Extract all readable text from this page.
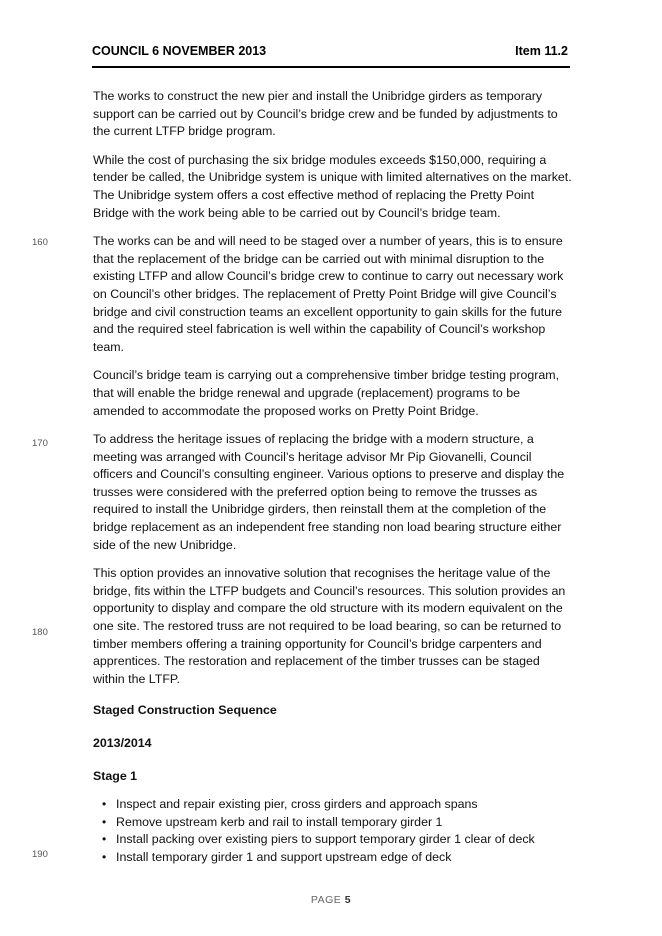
COUNCIL 6 NOVEMBER 2013	Item 11.2
160
170
180
190
The works to construct the new pier and install the Unibridge girders as temporary
support can be carried out by Council’s bridge crew and be funded by adjustments to
the current LTFP bridge program.
While the cost of purchasing the six bridge modules exceeds $150,000, requiring a
tender be called, the Unibridge system is unique with limited alternatives on the market.
The Unibridge system offers a cost effective method of replacing the Pretty Point
Bridge with the work being able to be carried out by Council’s bridge team.
The works can be and will need to be staged over a number of years, this is to ensure
that the replacement of the bridge can be carried out with minimal disruption to the
existing LTFP and allow Council’s bridge crew to continue to carry out necessary work
on Council’s other bridges. The replacement of Pretty Point Bridge will give Council’s
bridge and civil construction teams an excellent opportunity to gain skills for the future
and the required steel fabrication is well within the capability of Council’s workshop
team.
Council’s bridge team is carrying out a comprehensive timber bridge testing program,
that will enable the bridge renewal and upgrade (replacement) programs to be
amended to accommodate the proposed works on Pretty Point Bridge.
To address the heritage issues of replacing the bridge with a modern structure, a
meeting was arranged with Council’s heritage advisor Mr Pip Giovanelli, Council
officers and Council’s consulting engineer. Various options to preserve and display the
trusses were considered with the preferred option being to remove the trusses as
required to install the Unibridge girders, then reinstall them at the completion of the
bridge replacement as an independent free standing non load bearing structure either
side of the new Unibridge.
This option provides an innovative solution that recognises the heritage value of the
bridge, fits within the LTFP budgets and Council’s resources. This solution provides an
opportunity to display and compare the old structure with its modern equivalent on the
one site. The restored truss are not required to be load bearing, so can be returned to
timber members offering a training opportunity for Council’s bridge carpenters and
apprentices. The restoration and replacement of the timber trusses can be staged
within the LTFP.
Staged Construction Sequence
2013/2014
Stage 1
• Inspect and repair existing pier, cross girders and approach spans
• Remove upstream kerb and rail to install temporary girder 1
• Install packing over existing piers to support temporary girder 1 clear of deck
• Install temporary girder 1 and support upstream edge of deck
PAGE 5
